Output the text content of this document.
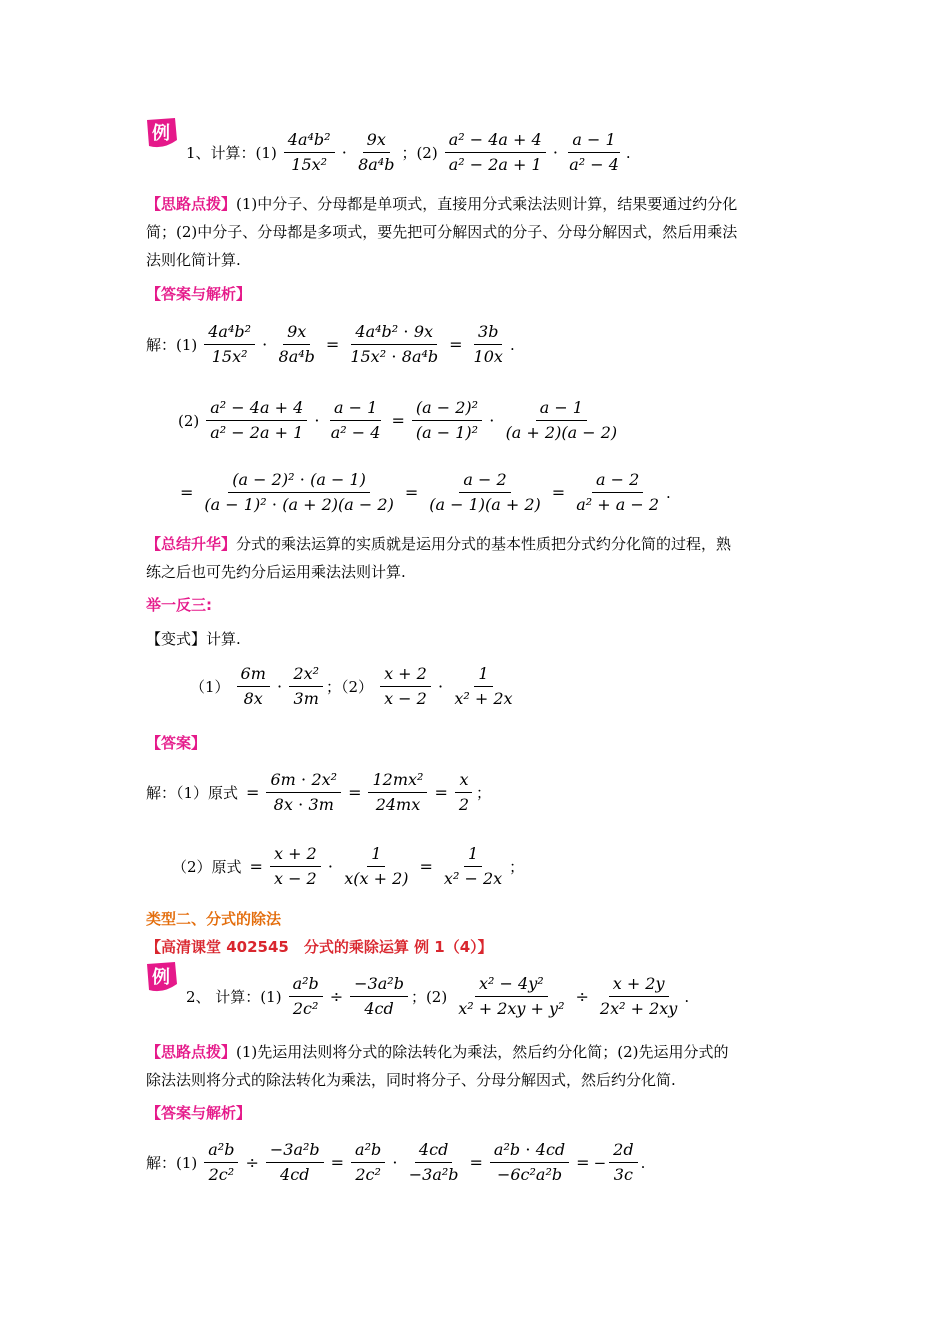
例
1、计算：$(1) \frac{\text{4a⁴b²}}{\text{15x²}} \cdot \frac{9x}{\text{8a⁴b}}$ ；$(2) \frac{\text{a² − 4a + 4}}{\text{a² − 2a + 1}} \cdot \frac{a - 1}{\text{a² − 4}}$ .
【思路点拨】(1)中分子、分母都是单项式，直接用分式乘法法则计算，结果要通过约分化
简；(2)中分子、分母都是多项式，要先把可分解因式的分子、分母分解因式，然后用乘法
法则化简计算.
【答案与解析】
解：$(1) \frac{\text{4a⁴b²}}{\text{15x²}} \cdot \frac{9x}{\text{8a⁴b}} = \frac{\text{4a⁴b² ⋅ 9x}}{\text{15x² ⋅ 8a⁴b}} = \frac{3b}{10x}$ .
$(2) \frac{\text{a² − 4a + 4}}{\text{a² − 2a + 1}} \cdot \frac{a - 1}{\text{a² − 4}} = \frac{\text{(a − 2)²}}{\text{(a − 1)²}} \cdot \frac{a - 1}{(a + 2)(a - 2)}$
= $\frac{\text{(a − 2)² ⋅ (a − 1)}}{\text{(a − 1)² ⋅ (a + 2)(a − 2)}} = \frac{a - 2}{(a - 1)(a + 2)} = \frac{a - 2}{\text{a² + a − 2}}$ .
【总结升华】分式的乘法运算的实质就是运用分式的基本性质把分式约分化简的过程，熟
练之后也可先约分后运用乘法法则计算.
举一反三:
【变式】计算.
$(1) \frac{6m}{8x} \cdot \frac{\text{2x²}}{3m}$ ；$(2) \frac{x + 2}{x - 2} \cdot \frac{1}{\text{x² + 2x}}$
【答案】
解：（1）原式 = $\frac{\text{6m ⋅ 2x²}}{8x \cdot 3m} = \frac{\text{12mx²}}{24mx} = \frac{x}{2}$ ；
（2）原式 = $\frac{x + 2}{x - 2} \cdot \frac{1}{x(x + 2)} = \frac{1}{\text{x² − 2x}}$ ；
类型二、分式的除法
【高清课堂 402545　分式的乘除运算 例 1（4）】
例
2、 计算：$(1) \frac{\text{a²b}}{\text{2c²}} \div \frac{\text{−3a²b}}{4cd}$ ；$(2) \frac{\text{x² − 4y²}}{\text{x² + 2xy + y²}} \div \frac{x + 2y}{\text{2x² + 2xy}}$ .
【思路点拨】(1)先运用法则将分式的除法转化为乘法，然后约分化简；(2)先运用分式的
除法法则将分式的除法转化为乘法，同时将分子、分母分解因式，然后约分化简.
【答案与解析】
解：$(1) \frac{\text{a²b}}{\text{2c²}} \div \frac{\text{−3a²b}}{4cd} = \frac{\text{a²b}}{\text{2c²}} \cdot \frac{4cd}{\text{−3a²b}} = \frac{\text{a²b ⋅ 4cd}}{\text{−6c²a²b}}$ = − $\frac{2d}{3c}$ .
